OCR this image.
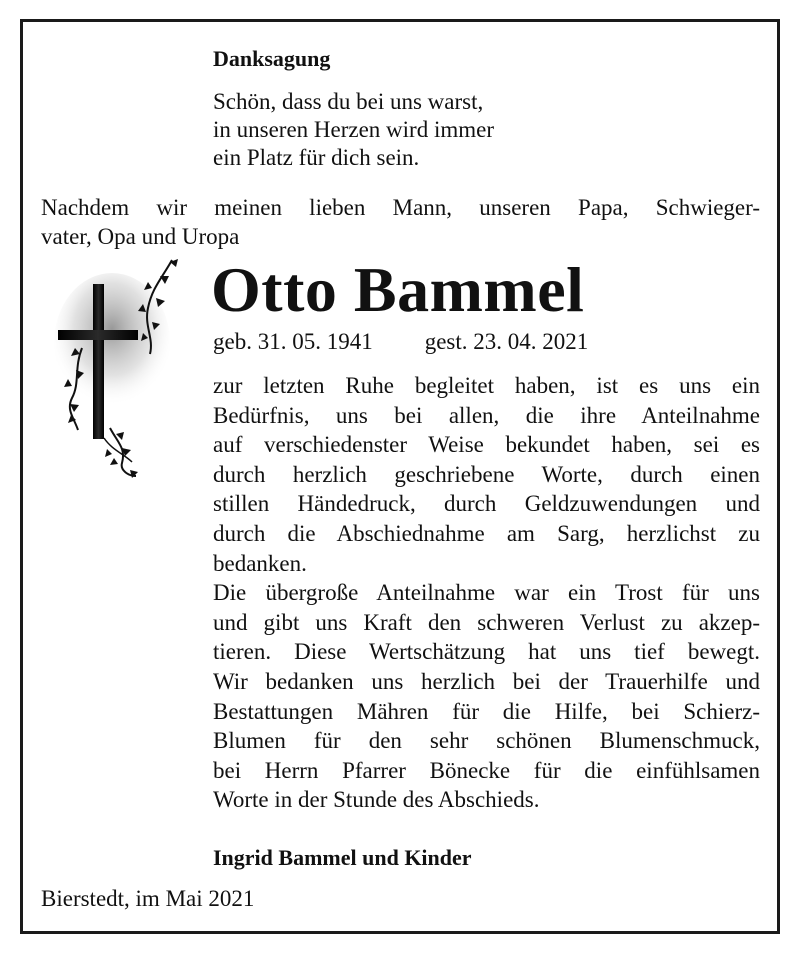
Danksagung
Schön, dass du bei uns warst,
in unseren Herzen wird immer
ein Platz für dich sein.
Nachdem wir meinen lieben Mann, unseren Papa, Schwieger-
vater, Opa und Uropa
Otto Bammel
geb. 31. 05. 1941 gest. 23. 04. 2021
zur letzten Ruhe begleitet haben, ist es uns ein
Bedürfnis, uns bei allen, die ihre Anteilnahme
auf verschiedenster Weise bekundet haben, sei es
durch herzlich geschriebene Worte, durch einen
stillen Händedruck, durch Geldzuwendungen und
durch die Abschiednahme am Sarg, herzlichst zu
bedanken.
Die übergroße Anteilnahme war ein Trost für uns
und gibt uns Kraft den schweren Verlust zu akzep-
tieren. Diese Wertschätzung hat uns tief bewegt.
Wir bedanken uns herzlich bei der Trauerhilfe und
Bestattungen Mähren für die Hilfe, bei Schierz-
Blumen für den sehr schönen Blumenschmuck,
bei Herrn Pfarrer Bönecke für die einfühlsamen
Worte in der Stunde des Abschieds.
Ingrid Bammel und Kinder
Bierstedt, im Mai 2021
